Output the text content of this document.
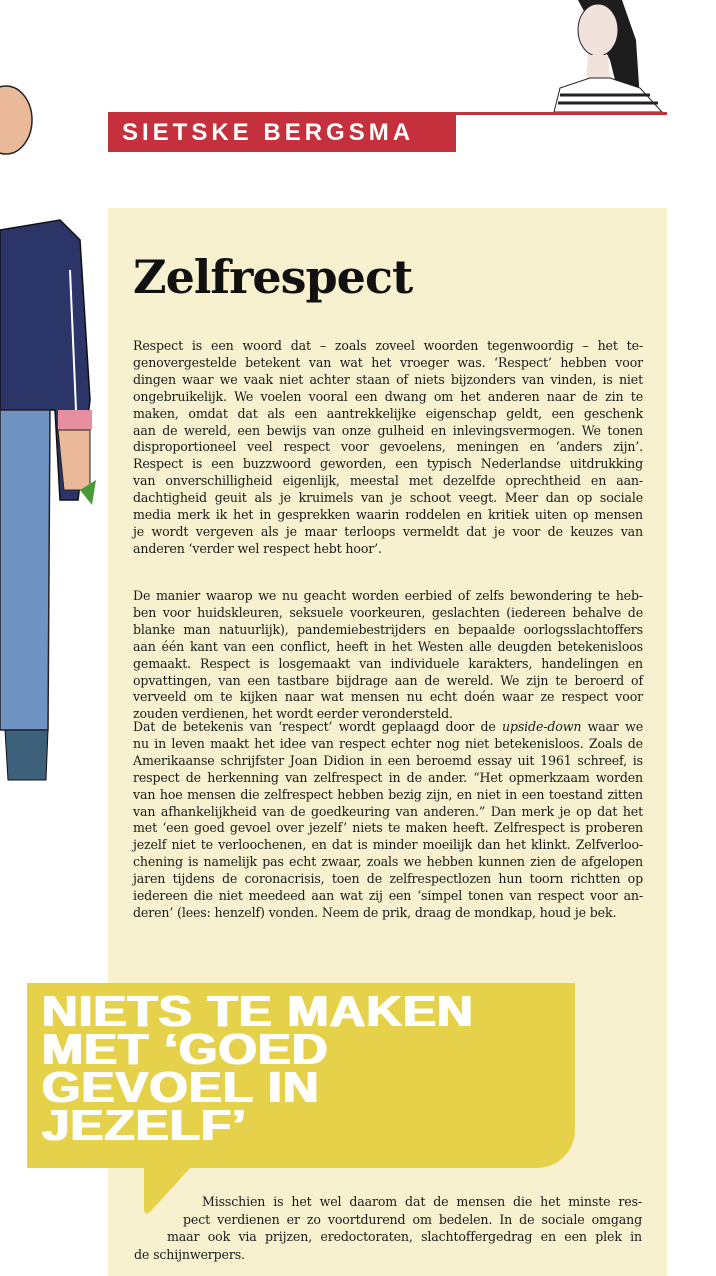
SIETSKE BERGSMA
Zelfrespect
Respect is een woord dat – zoals zoveel woorden tegenwoordig – het te-
genovergestelde betekent van wat het vroeger was. ‘Respect’ hebben voor
dingen waar we vaak niet achter staan of niets bijzonders van vinden, is niet
ongebruikelijk. We voelen vooral een dwang om het anderen naar de zin te
maken, omdat dat als een aantrekkelijke eigenschap geldt, een geschenk
aan de wereld, een bewijs van onze gulheid en inlevingsvermogen. We tonen
disproportioneel veel respect voor gevoelens, meningen en ‘anders zijn’.
Respect is een buzzwoord geworden, een typisch Nederlandse uitdrukking
van onverschilligheid eigenlijk, meestal met dezelfde oprechtheid en aan-
dachtigheid geuit als je kruimels van je schoot veegt. Meer dan op sociale
media merk ik het in gesprekken waarin roddelen en kritiek uiten op mensen
je wordt vergeven als je maar terloops vermeldt dat je voor de keuzes van
anderen ‘verder wel respect hebt hoor’.
De manier waarop we nu geacht worden eerbied of zelfs bewondering te heb-
ben voor huidskleuren, seksuele voorkeuren, geslachten (iedereen behalve de
blanke man natuurlijk), pandemiebestrijders en bepaalde oorlogsslachtoffers
aan één kant van een conflict, heeft in het Westen alle deugden betekenisloos
gemaakt. Respect is losgemaakt van individuele karakters, handelingen en
opvattingen, van een tastbare bijdrage aan de wereld. We zijn te beroerd of
verveeld om te kijken naar wat mensen nu echt doén waar ze respect voor
zouden verdienen, het wordt eerder verondersteld.
Dat de betekenis van ‘respect’ wordt geplaagd door de upside-down waar we
nu in leven maakt het idee van respect echter nog niet betekenisloos. Zoals de
Amerikaanse schrijfster Joan Didion in een beroemd essay uit 1961 schreef, is
respect de herkenning van zelfrespect in de ander. “Het opmerkzaam worden
van hoe mensen die zelfrespect hebben bezig zijn, en niet in een toestand zitten
van afhankelijkheid van de goedkeuring van anderen.” Dan merk je op dat het
met ‘een goed gevoel over jezelf’ niets te maken heeft. Zelfrespect is proberen
jezelf niet te verloochenen, en dat is minder moeilijk dan het klinkt. Zelfverloo-
chening is namelijk pas echt zwaar, zoals we hebben kunnen zien de afgelopen
jaren tijdens de coronacrisis, toen de zelfrespectlozen hun toorn richtten op
iedereen die niet meedeed aan wat zij een ‘simpel tonen van respect voor an-
deren’ (lees: henzelf) vonden. Neem de prik, draag de mondkap, houd je bek.
NIETS TE MAKEN
MET ‘GOED
GEVOEL IN
JEZELF’
Misschien is het wel daarom dat de mensen die het minste res-
pect verdienen er zo voortdurend om bedelen. In de sociale omgang
maar ook via prijzen, eredoctoraten, slachtoffergedrag en een plek in
de schijnwerpers.
